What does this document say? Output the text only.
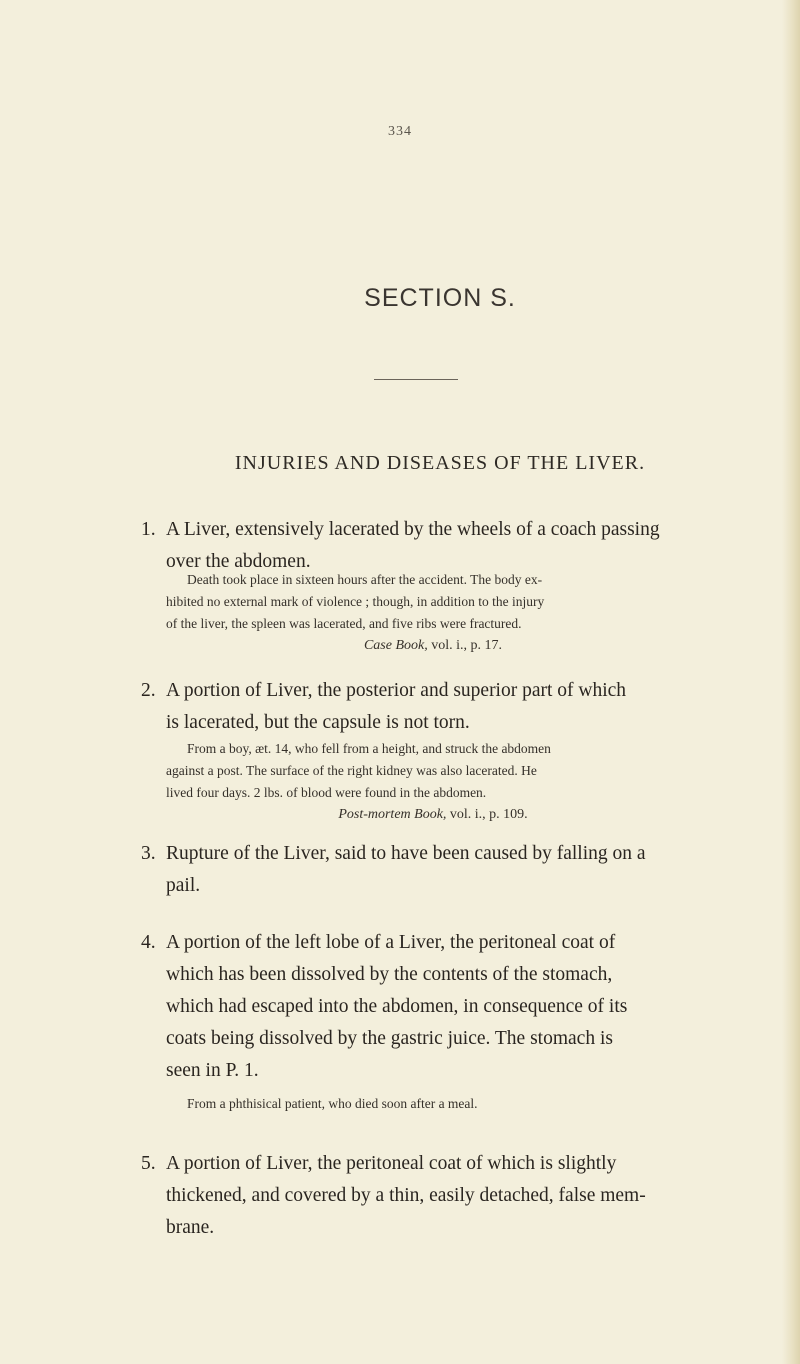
334
SECTION S.
INJURIES AND DISEASES OF THE LIVER.
1. A Liver, extensively lacerated by the wheels of a coach passing
over the abdomen.
Death took place in sixteen hours after the accident. The body ex-
hibited no external mark of violence ; though, in addition to the injury
of the liver, the spleen was lacerated, and five ribs were fractured.
Case Book, vol. i., p. 17.
2. A portion of Liver, the posterior and superior part of which
is lacerated, but the capsule is not torn.
From a boy, æt. 14, who fell from a height, and struck the abdomen
against a post. The surface of the right kidney was also lacerated. He
lived four days. 2 lbs. of blood were found in the abdomen.
Post-mortem Book, vol. i., p. 109.
3. Rupture of the Liver, said to have been caused by falling on a
pail.
4. A portion of the left lobe of a Liver, the peritoneal coat of
which has been dissolved by the contents of the stomach,
which had escaped into the abdomen, in consequence of its
coats being dissolved by the gastric juice. The stomach is
seen in P. 1.
From a phthisical patient, who died soon after a meal.
5. A portion of Liver, the peritoneal coat of which is slightly
thickened, and covered by a thin, easily detached, false mem-
brane.
